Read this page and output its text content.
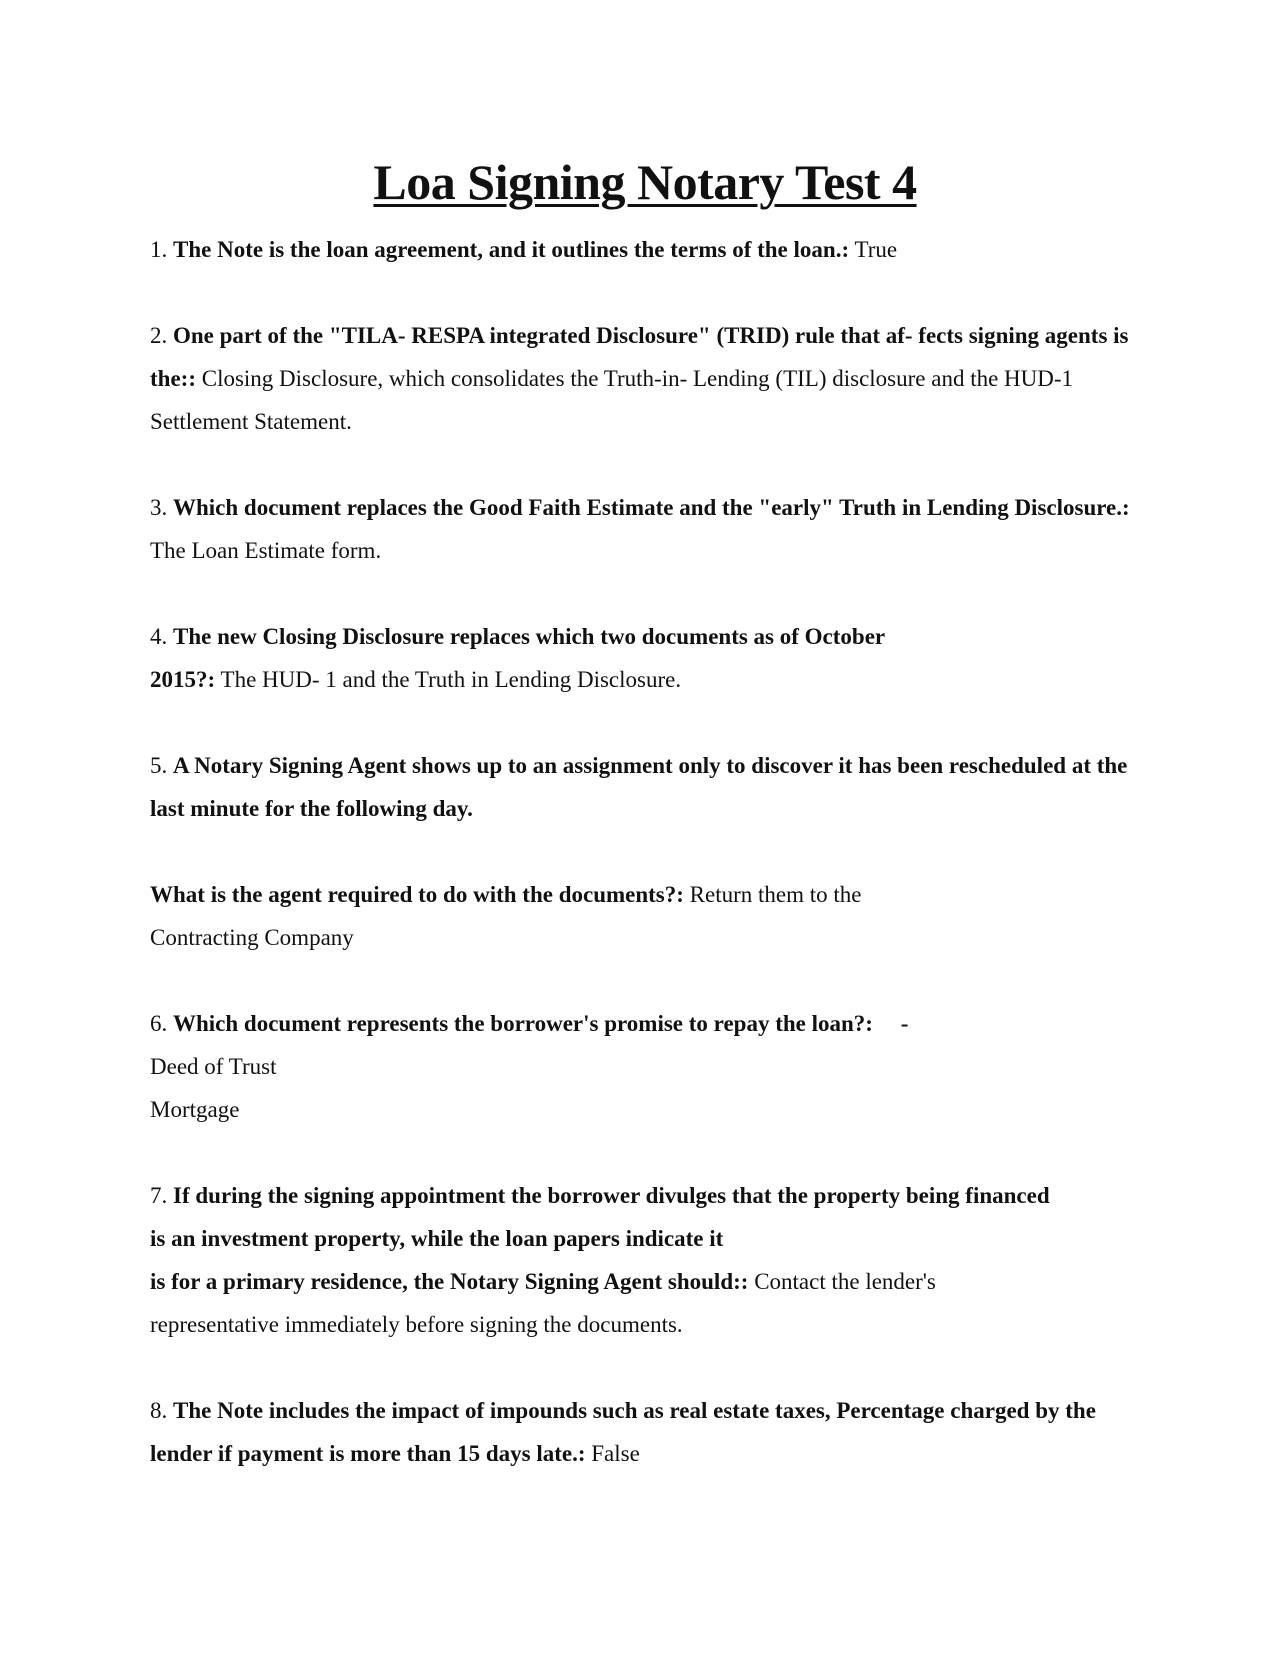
Loa Signing Notary Test 4

1. The Note is the loan agreement, and it outlines the terms of the loan.: True

2. One part of the "TILA- RESPA integrated Disclosure" (TRID) rule that af- fects signing agents is the:: Closing Disclosure, which consolidates the Truth-in- Lending (TIL) disclosure and the HUD-1 Settlement Statement.

3. Which document replaces the Good Faith Estimate and the "early" Truth in Lending Disclosure.: The Loan Estimate form.

4. The new Closing Disclosure replaces which two documents as of October

2015?: The HUD- 1 and the Truth in Lending Disclosure.

5. A Notary Signing Agent shows up to an assignment only to discover it has been rescheduled at the last minute for the following day.

What is the agent required to do with the documents?: Return them to the

Contracting Company

6. Which document represents the borrower's promise to repay the loan?: -

Deed of Trust

Mortgage

7. If during the signing appointment the borrower divulges that the property being financed

is an investment property, while the loan papers indicate it

is for a primary residence, the Notary Signing Agent should:: Contact the lender's

representative immediately before signing the documents.

8. The Note includes the impact of impounds such as real estate taxes, Percentage charged by the lender if payment is more than 15 days late.: False
